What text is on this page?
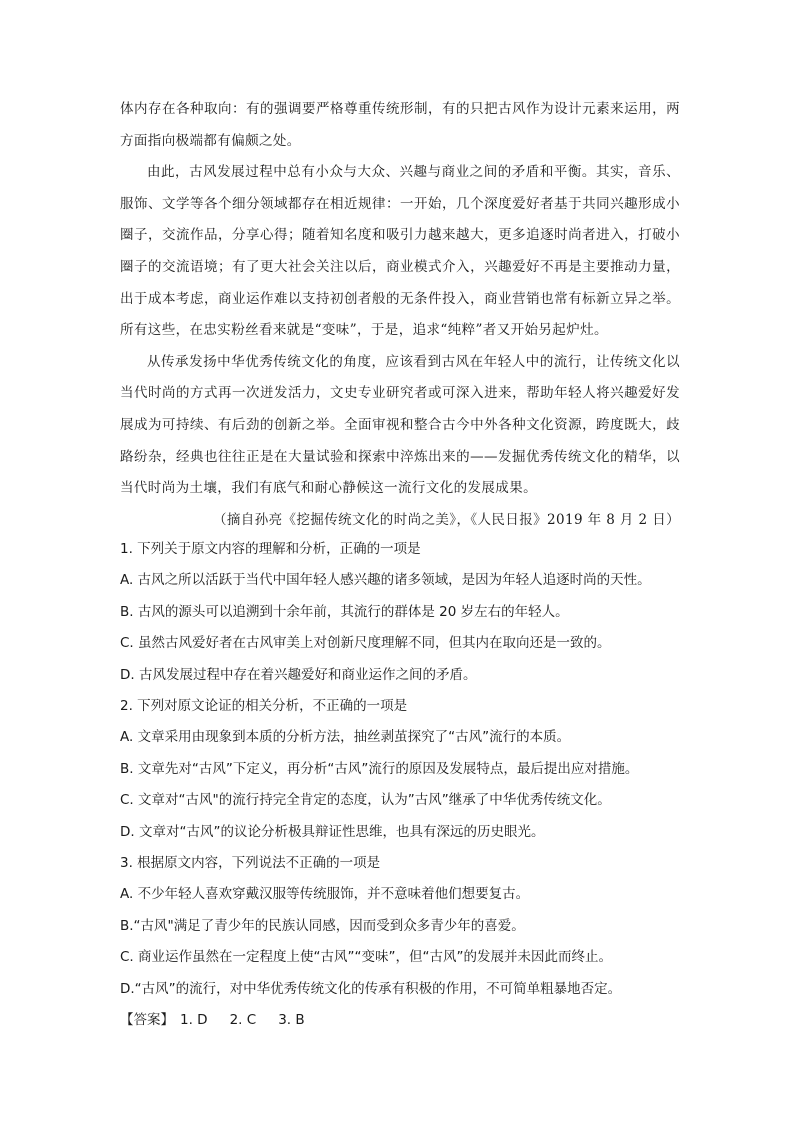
体内存在各种取向：有的强调要严格尊重传统形制，有的只把古风作为设计元素来运用，两方面指向极端都有偏颇之处。

由此，古风发展过程中总有小众与大众、兴趣与商业之间的矛盾和平衡。其实，音乐、服饰、文学等各个细分领域都存在相近规律：一开始，几个深度爱好者基于共同兴趣形成小圈子，交流作品，分享心得；随着知名度和吸引力越来越大，更多追逐时尚者进入，打破小圈子的交流语境；有了更大社会关注以后，商业模式介入，兴趣爱好不再是主要推动力量，出于成本考虑，商业运作难以支持初创者般的无条件投入，商业营销也常有标新立异之举。所有这些，在忠实粉丝看来就是“变味”，于是，追求“纯粹”者又开始另起炉灶。

从传承发扬中华优秀传统文化的角度，应该看到古风在年轻人中的流行，让传统文化以当代时尚的方式再一次迸发活力，文史专业研究者或可深入进来，帮助年轻人将兴趣爱好发展成为可持续、有后劲的创新之举。全面审视和整合古今中外各种文化资源，跨度既大，歧路纷杂，经典也往往正是在大量试验和探索中淬炼出来的——发掘优秀传统文化的精华，以当代时尚为土壤，我们有底气和耐心静候这一流行文化的发展成果。

（摘自孙亮《挖掘传统文化的时尚之美》，《人民日报》2019 年 8 月 2 日）

1. 下列关于原文内容的理解和分析，正确的一项是

A. 古风之所以活跃于当代中国年轻人感兴趣的诸多领域，是因为年轻人追逐时尚的天性。

B. 古风的源头可以追溯到十余年前，其流行的群体是 20 岁左右的年轻人。

C. 虽然古风爱好者在古风审美上对创新尺度理解不同，但其内在取向还是一致的。

D. 古风发展过程中存在着兴趣爱好和商业运作之间的矛盾。

2. 下列对原文论证的相关分析，不正确的一项是

A. 文章采用由现象到本质的分析方法，抽丝剥茧探究了“古风”流行的本质。

B. 文章先对“古风”下定义，再分析“古风”流行的原因及发展特点，最后提出应对措施。

C. 文章对“古风"的流行持完全肯定的态度，认为”古风”继承了中华优秀传统文化。

D. 文章对“古风”的议论分析极具辩证性思维，也具有深远的历史眼光。

3. 根据原文内容，下列说法不正确的一项是

A. 不少年轻人喜欢穿戴汉服等传统服饰，并不意味着他们想要复古。

B.“古风"满足了青少年的民族认同感，因而受到众多青少年的喜爱。

C. 商业运作虽然在一定程度上使“古风”“变味”，但“古风”的发展并未因此而终止。

D.“古风”的流行，对中华优秀传统文化的传承有积极的作用，不可简单粗暴地否定。

【答案】 1. D 2. C 3. B
